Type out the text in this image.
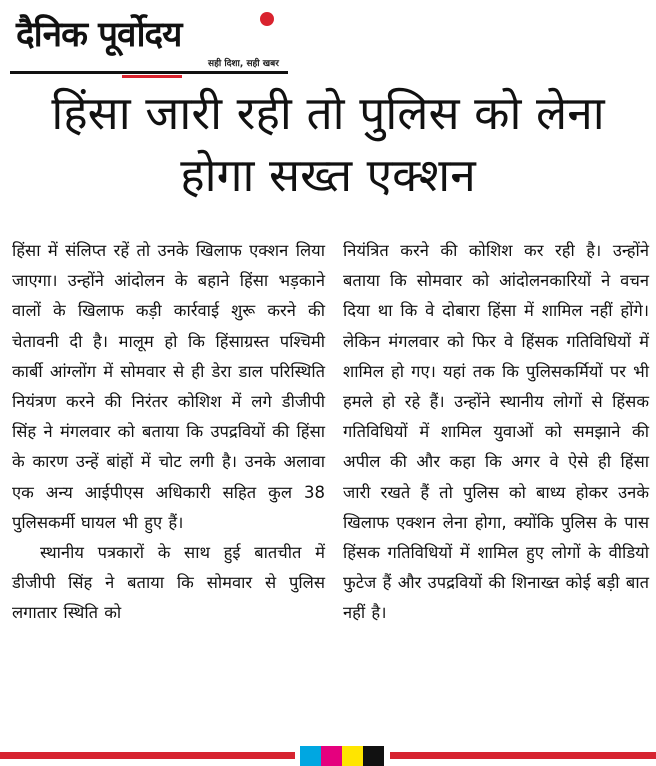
दैनिक पूर्वोदय
सही दिशा, सही खबर
हिंसा जारी रही तो पुलिस को लेना होगा सख्त एक्शन

हिंसा में संलिप्त रहें तो उनके खिलाफ एक्शन लिया जाएगा। उन्होंने आंदोलन के बहाने हिंसा भड़काने वालों के खिलाफ कड़ी कार्रवाई शुरू करने की चेतावनी दी है। मालूम हो कि हिंसाग्रस्त पश्चिमी कार्बी आंग्लोंग में सोमवार से ही डेरा डाल परिस्थिति नियंत्रण करने की निरंतर कोशिश में लगे डीजीपी सिंह ने मंगलवार को बताया कि उपद्रवियों की हिंसा के कारण उन्हें बांहों में चोट लगी है। उनके अलावा एक अन्य आईपीएस अधिकारी सहित कुल 38 पुलिसकर्मी घायल भी हुए हैं।

स्थानीय पत्रकारों के साथ हुई बातचीत में डीजीपी सिंह ने बताया कि सोमवार से पुलिस लगातार स्थिति को

नियंत्रित करने की कोशिश कर रही है। उन्होंने बताया कि सोमवार को आंदोलनकारियों ने वचन दिया था कि वे दोबारा हिंसा में शामिल नहीं होंगे। लेकिन मंगलवार को फिर वे हिंसक गतिविधियों में शामिल हो गए। यहां तक कि पुलिसकर्मियों पर भी हमले हो रहे हैं। उन्होंने स्थानीय लोगों से हिंसक गतिविधियों में शामिल युवाओं को समझाने की अपील की और कहा कि अगर वे ऐसे ही हिंसा जारी रखते हैं तो पुलिस को बाध्य होकर उनके खिलाफ एक्शन लेना होगा, क्योंकि पुलिस के पास हिंसक गतिविधियों में शामिल हुए लोगों के वीडियो फुटेज हैं और उपद्रवियों की शिनाख्त कोई बड़ी बात नहीं है।
